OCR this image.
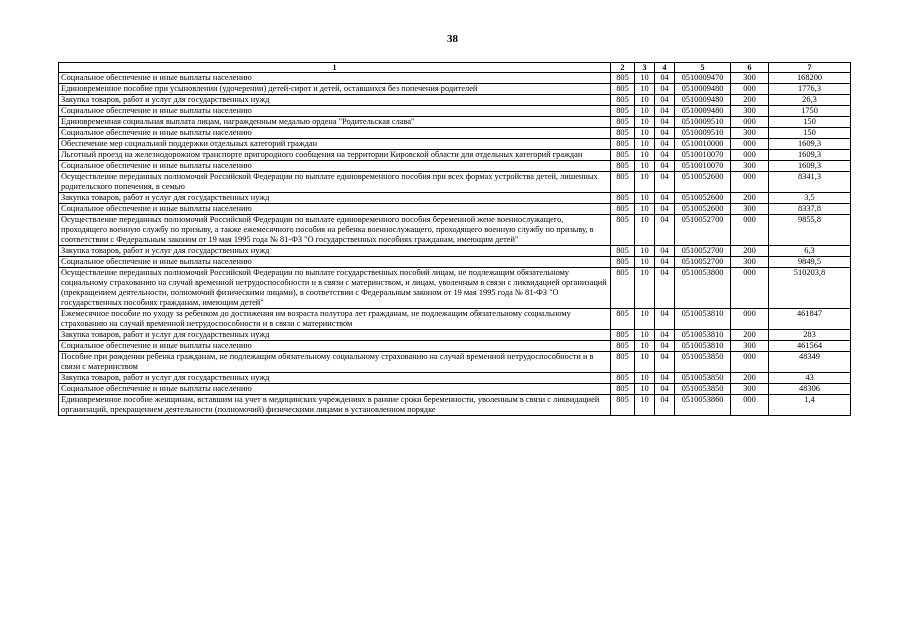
38
1	2	3	4	5	6	7
Социальное обеспечение и иные выплаты населению	805	10	04	0510009470	300	168200
Единовременное пособие при усыновлении (удочерении) детей-сирот и детей, оставшихся без попечения родителей	805	10	04	0510009480	000	1776,3
Закупка товаров, работ и услуг для государственных нужд	805	10	04	0510009480	200	26,3
Социальное обеспечение и иные выплаты населению	805	10	04	0510009480	300	1750
Единовременная социальная выплата лицам, награжденным медалью ордена "Родительская слава"	805	10	04	0510009510	000	150
Социальное обеспечение и иные выплаты населению	805	10	04	0510009510	300	150
Обеспечение мер социальной поддержки отдельных категорий граждан	805	10	04	0510010000	000	1609,3
Льготный проезд на железнодорожном транспорте пригородного сообщения на территории Кировской области для отдельных категорий граждан	805	10	04	0510010070	000	1609,3
Социальное обеспечение и иные выплаты населению	805	10	04	0510010070	300	1609,3
Осуществление переданных полномочий Российской Федерации по выплате единовременного пособия при всех формах устройства детей, лишенных родительского попечения, в семью	805	10	04	0510052600	000	8341,3
Закупка товаров, работ и услуг для государственных нужд	805	10	04	0510052600	200	3,5
Социальное обеспечение и иные выплаты населению	805	10	04	0510052600	300	8337,8
Осуществление переданных полномочий Российской Федерации по выплате единовременного пособия беременной жене военнослужащего, проходящего военную службу по призыву, а также ежемесячного пособия на ребенка военнослужащего, проходящего военную службу по призыву, в соответствии с Федеральным законом от 19 мая 1995 года № 81-ФЗ "О государственных пособиях гражданам, имеющим детей"	805	10	04	0510052700	000	9855,8
Закупка товаров, работ и услуг для государственных нужд	805	10	04	0510052700	200	6,3
Социальное обеспечение и иные выплаты населению	805	10	04	0510052700	300	9849,5
Осуществление переданных полномочий Российской Федерации по выплате государственных пособий лицам, не подлежащим обязательному социальному страхованию на случай временной нетрудоспособности и в связи с материнством, и лицам, уволенным в связи с ликвидацией организаций (прекращением деятельности, полномочий физическими лицами), в соответствии с Федеральным законом от 19 мая 1995 года № 81-ФЗ "О государственных пособиях гражданам, имеющим детей"	805	10	04	0510053800	000	510203,8
Ежемесячное пособие по уходу за ребенком до достижения им возраста полутора лет гражданам, не подлежащим обязательному социальному страхованию на случай временной нетрудоспособности и в связи с материнством	805	10	04	0510053810	000	461847
Закупка товаров, работ и услуг для государственных нужд	805	10	04	0510053810	200	283
Социальное обеспечение и иные выплаты населению	805	10	04	0510053810	300	461564
Пособие при рождении ребенка гражданам, не подлежащим обязательному социальному страхованию на случай временной нетрудоспособности и в связи с материнством	805	10	04	0510053850	000	48349
Закупка товаров, работ и услуг для государственных нужд	805	10	04	0510053850	200	43
Социальное обеспечение и иные выплаты населению	805	10	04	0510053850	300	48306
Единовременное пособие женщинам, вставшим на учет в медицинских учреждениях в ранние сроки беременности, уволенным в связи с ликвидацией организаций, прекращением деятельности (полномочий) физическими лицами в установленном порядке	805	10	04	0510053860	000	1,4
